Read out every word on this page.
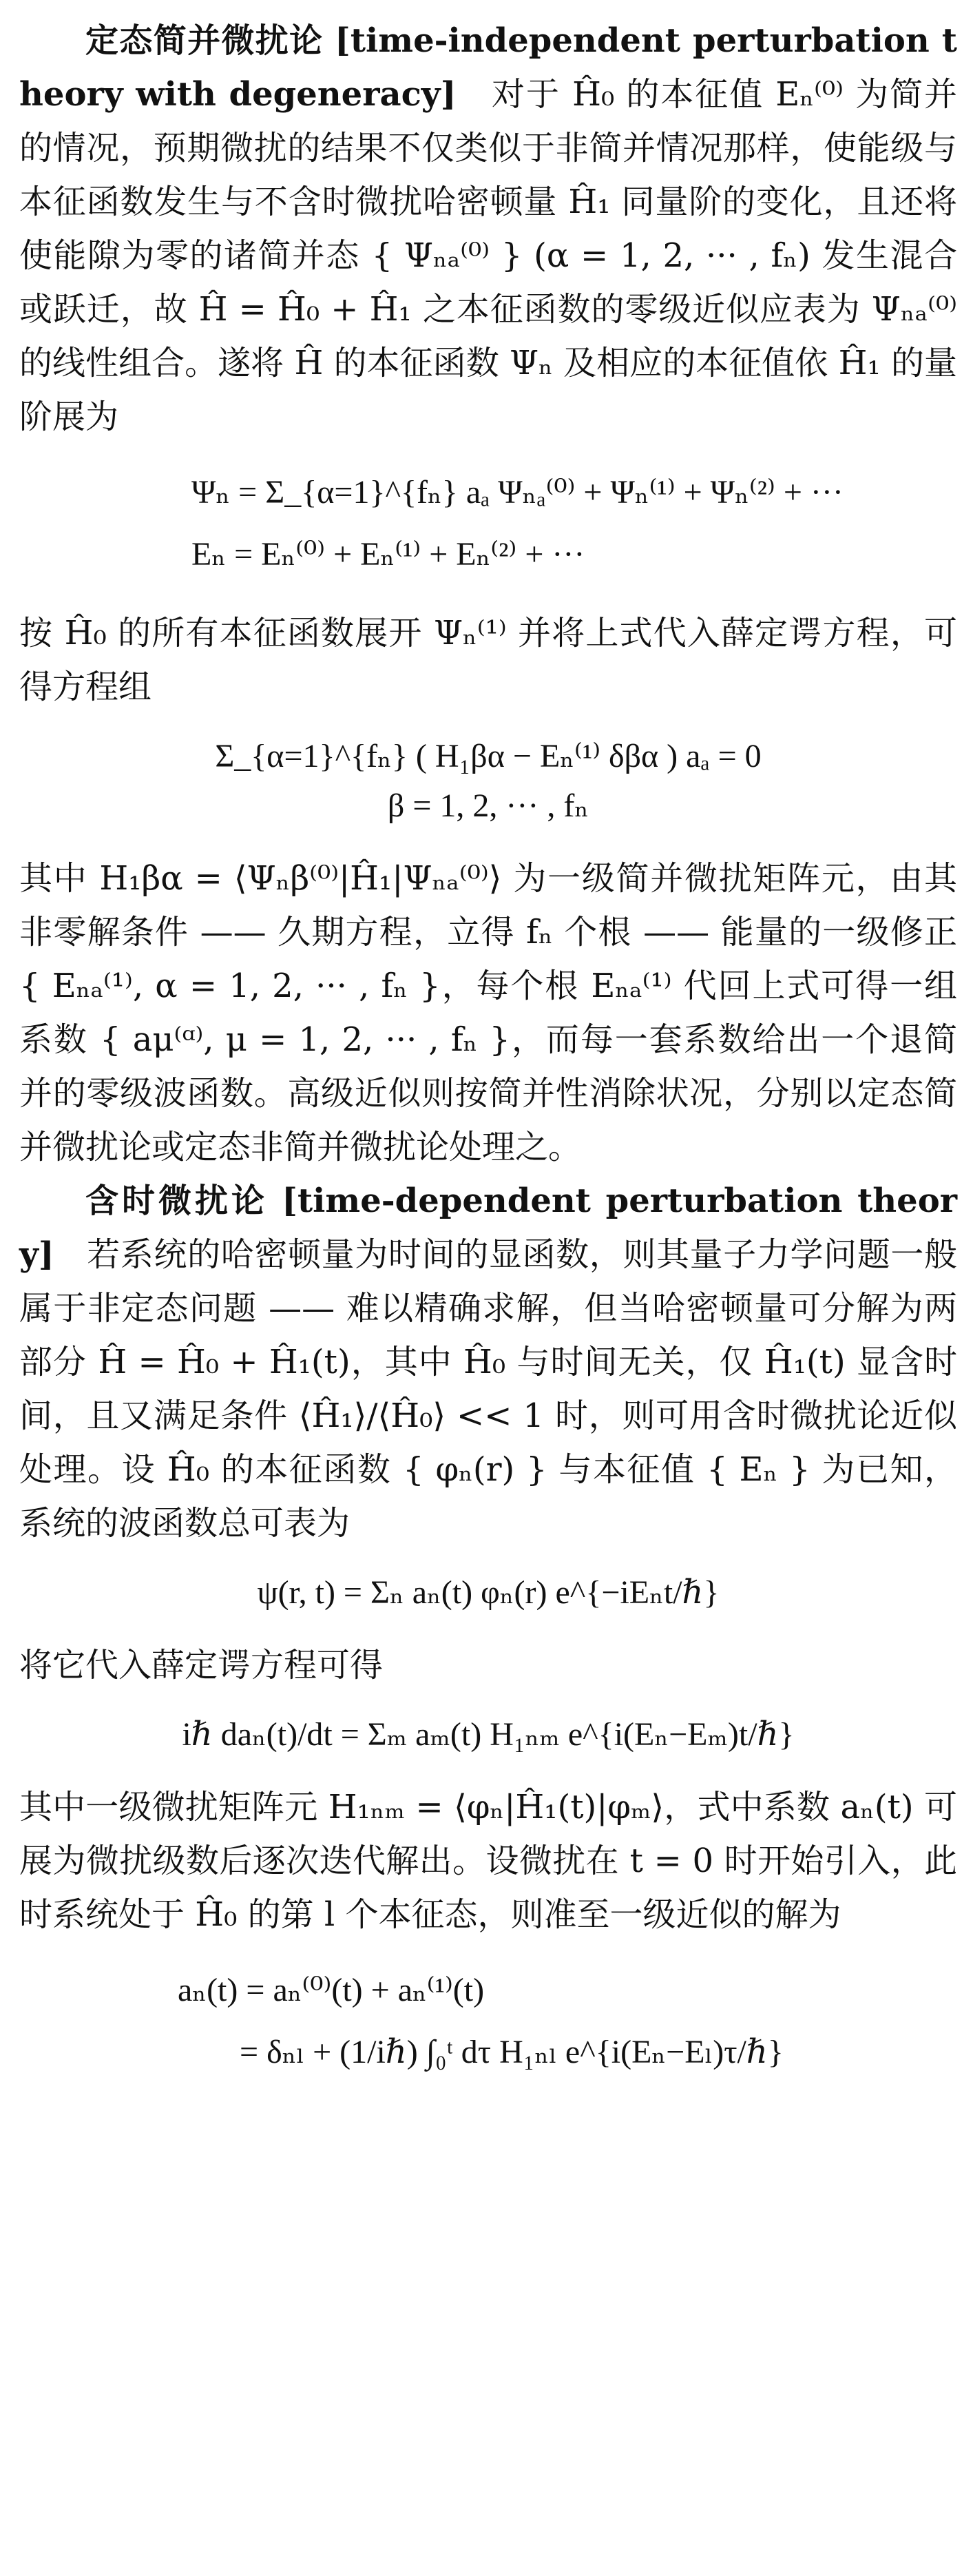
定态简并微扰论 [time-independent perturbation theory with degeneracy] 对于 Ĥ₀ 的本征值 Eₙ⁽⁰⁾ 为简并的情况，预期微扰的结果不仅类似于非简并情况那样，使能级与本征函数发生与不含时微扰哈密顿量 Ĥ₁ 同量阶的变化，且还将使能隙为零的诸简并态 { Ψₙₐ⁽⁰⁾ } (α = 1, 2, ··· , fₙ) 发生混合或跃迁，故 Ĥ = Ĥ₀ + Ĥ₁ 之本征函数的零级近似应表为 Ψₙₐ⁽⁰⁾ 的线性组合。遂将 Ĥ 的本征函数 Ψₙ 及相应的本征值依 Ĥ₁ 的量阶展为

Ψₙ = Σ_{α=1}^{fₙ} aₐ Ψₙₐ⁽⁰⁾ + Ψₙ⁽¹⁾ + Ψₙ⁽²⁾ + ···
Eₙ = Eₙ⁽⁰⁾ + Eₙ⁽¹⁾ + Eₙ⁽²⁾ + ···

按 Ĥ₀ 的所有本征函数展开 Ψₙ⁽¹⁾ 并将上式代入薛定谔方程，可得方程组

Σ_{α=1}^{fₙ} ( H₁βα − Eₙ⁽¹⁾ δβα ) aₐ = 0
β = 1, 2, ··· , fₙ

其中 H₁βα = ⟨Ψₙβ⁽⁰⁾|Ĥ₁|Ψₙₐ⁽⁰⁾⟩ 为一级简并微扰矩阵元，由其非零解条件 —— 久期方程，立得 fₙ 个根 —— 能量的一级修正 { Eₙₐ⁽¹⁾, α = 1, 2, ··· , fₙ }，每个根 Eₙₐ⁽¹⁾ 代回上式可得一组系数 { aμ⁽ᵅ⁾, μ = 1, 2, ··· , fₙ }，而每一套系数给出一个退简并的零级波函数。高级近似则按简并性消除状况，分别以定态简并微扰论或定态非简并微扰论处理之。

含时微扰论 [time-dependent perturbation theory] 若系统的哈密顿量为时间的显函数，则其量子力学问题一般属于非定态问题 —— 难以精确求解，但当哈密顿量可分解为两部分 Ĥ = Ĥ₀ + Ĥ₁(t)，其中 Ĥ₀ 与时间无关，仅 Ĥ₁(t) 显含时间，且又满足条件 ⟨Ĥ₁⟩/⟨Ĥ₀⟩ << 1 时，则可用含时微扰论近似处理。设 Ĥ₀ 的本征函数 { φₙ(r) } 与本征值 { Eₙ } 为已知，系统的波函数总可表为

ψ(r, t) = Σₙ aₙ(t) φₙ(r) e^{−iEₙt/ℏ}

将它代入薛定谔方程可得

iℏ daₙ(t)/dt = Σₘ aₘ(t) H₁ₙₘ e^{i(Eₙ−Eₘ)t/ℏ}

其中一级微扰矩阵元 H₁ₙₘ = ⟨φₙ|Ĥ₁(t)|φₘ⟩，式中系数 aₙ(t) 可展为微扰级数后逐次迭代解出。设微扰在 t = 0 时开始引入，此时系统处于 Ĥ₀ 的第 l 个本征态，则准至一级近似的解为

aₙ(t) = aₙ⁽⁰⁾(t) + aₙ⁽¹⁾(t)
= δₙₗ + (1/iℏ) ∫₀ᵗ dτ H₁ₙₗ e^{i(Eₙ−Eₗ)τ/ℏ}
